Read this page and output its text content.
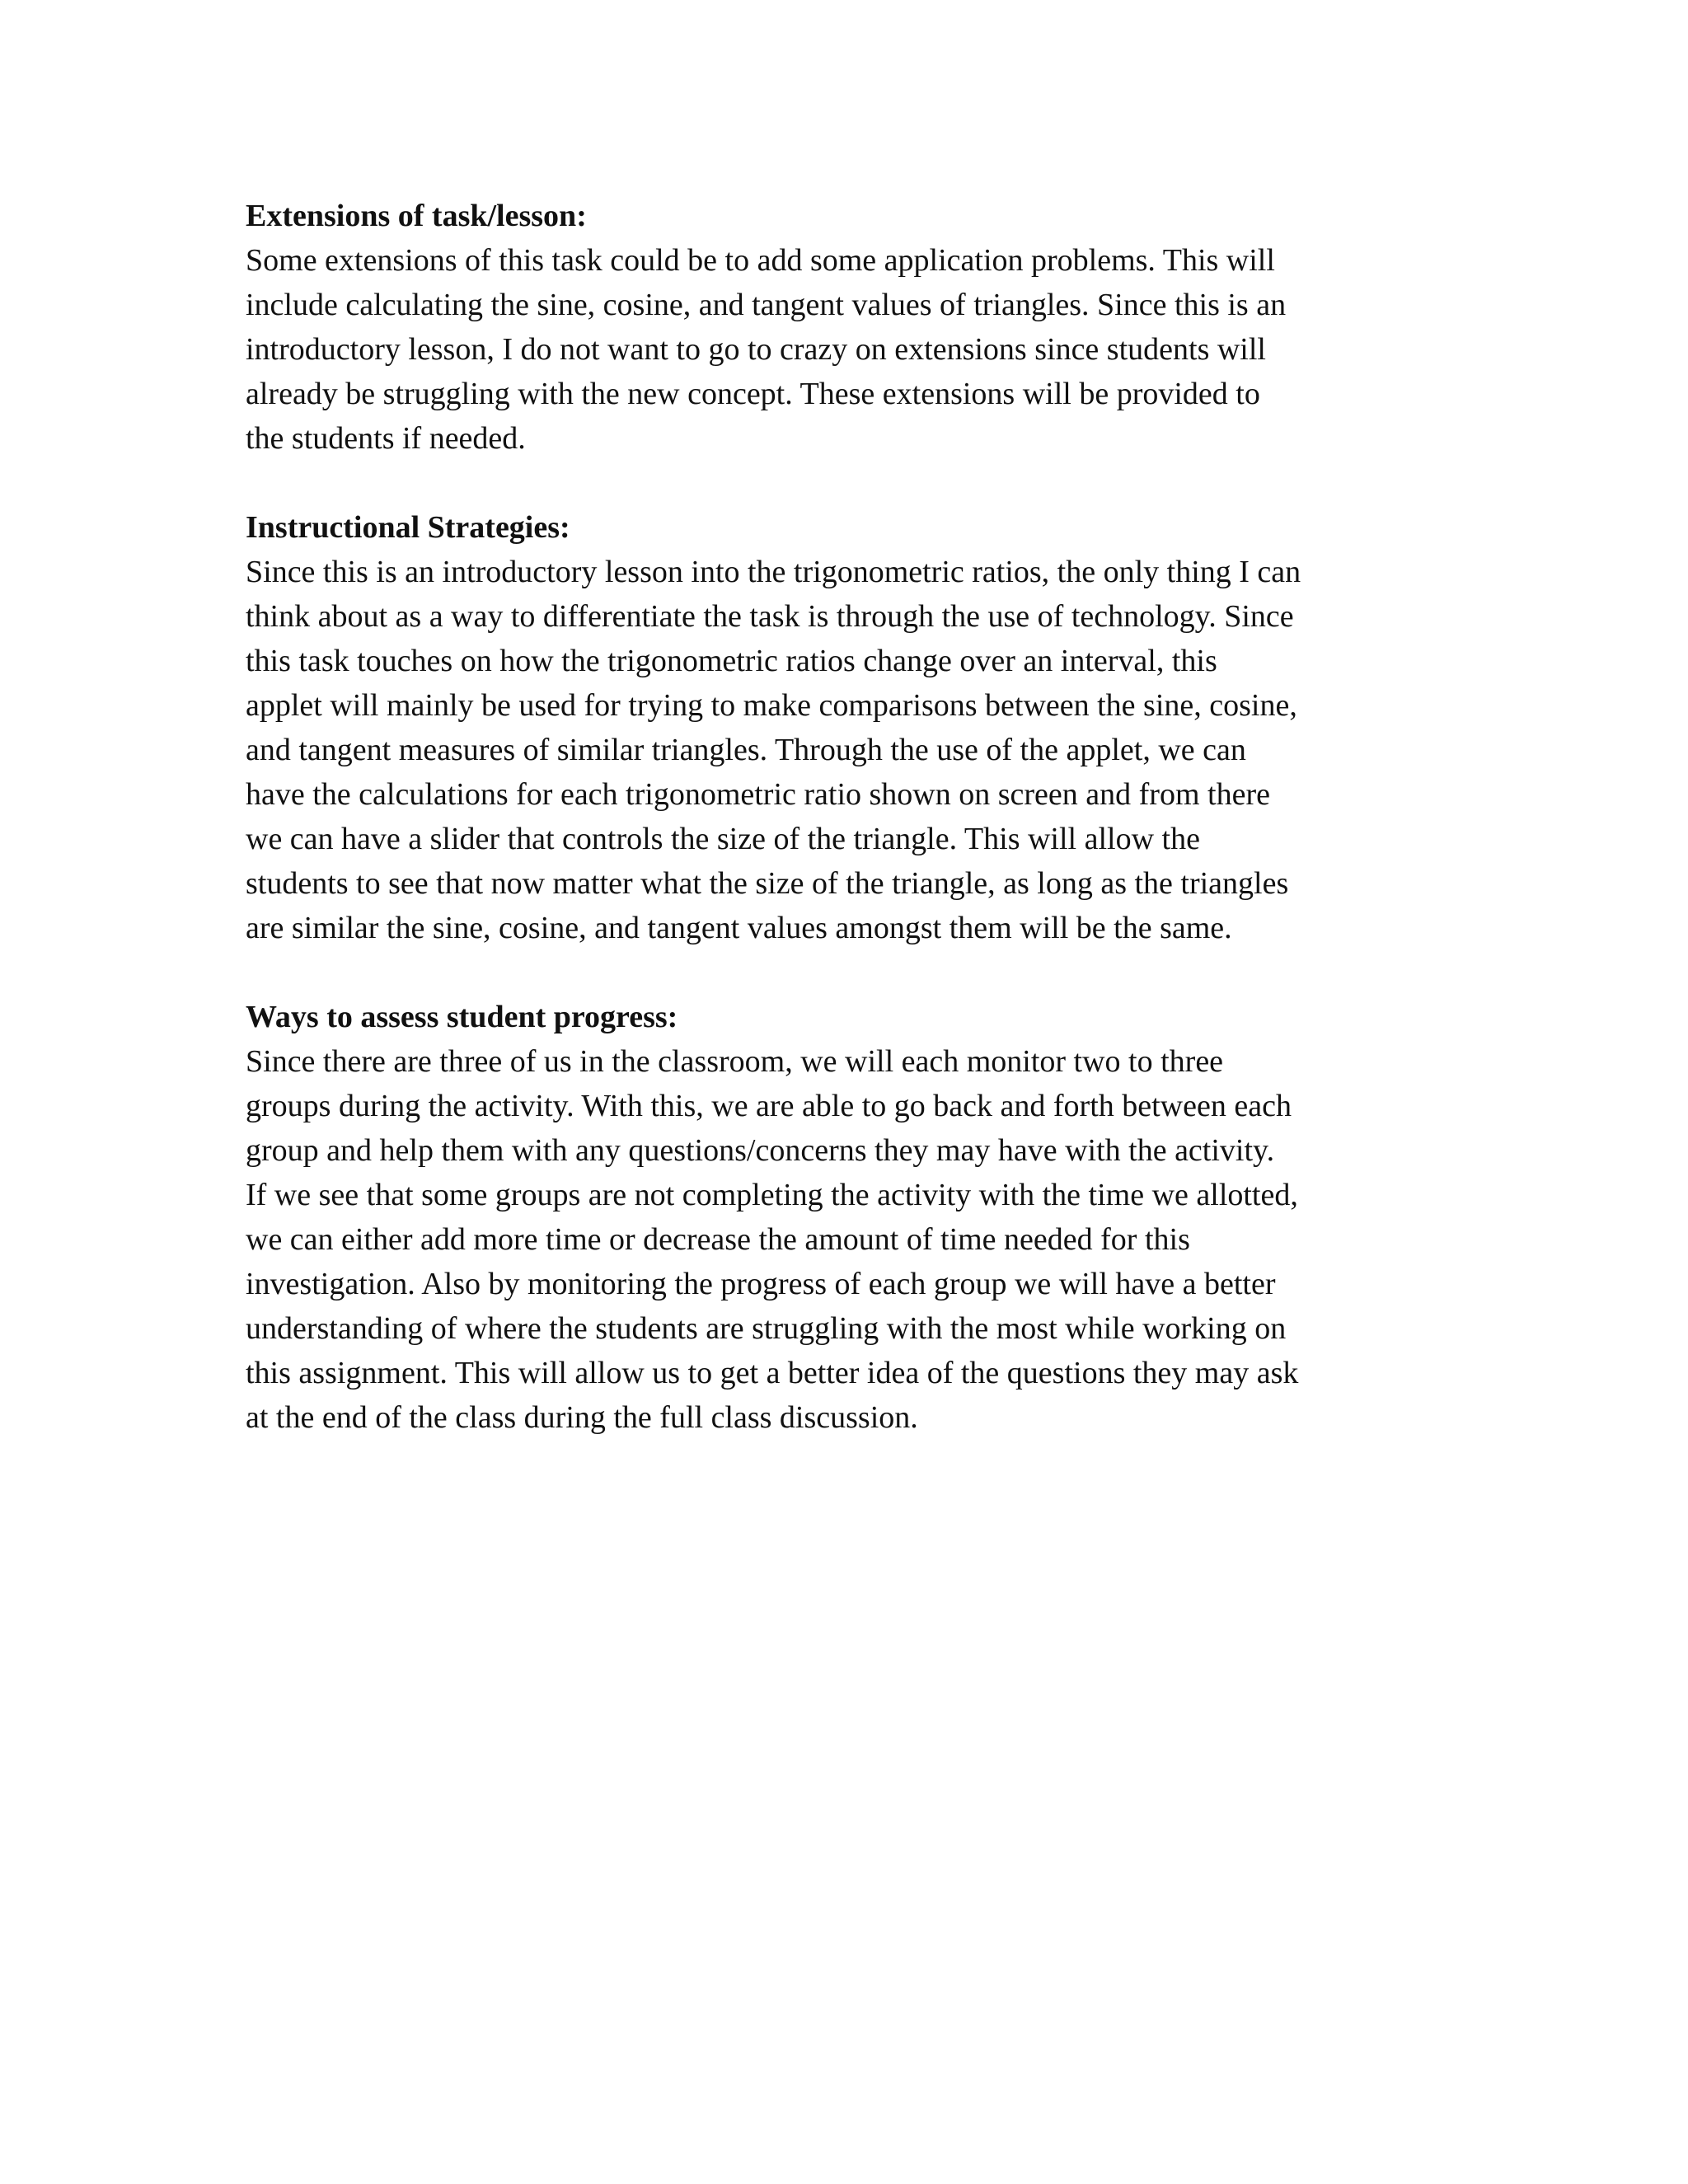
Extensions of task/lesson:
Some extensions of this task could be to add some application problems. This will
include calculating the sine, cosine, and tangent values of triangles. Since this is an
introductory lesson, I do not want to go to crazy on extensions since students will
already be struggling with the new concept. These extensions will be provided to
the students if needed.
Instructional Strategies:
Since this is an introductory lesson into the trigonometric ratios, the only thing I can
think about as a way to differentiate the task is through the use of technology. Since
this task touches on how the trigonometric ratios change over an interval, this
applet will mainly be used for trying to make comparisons between the sine, cosine,
and tangent measures of similar triangles. Through the use of the applet, we can
have the calculations for each trigonometric ratio shown on screen and from there
we can have a slider that controls the size of the triangle. This will allow the
students to see that now matter what the size of the triangle, as long as the triangles
are similar the sine, cosine, and tangent values amongst them will be the same.
Ways to assess student progress:
Since there are three of us in the classroom, we will each monitor two to three
groups during the activity. With this, we are able to go back and forth between each
group and help them with any questions/concerns they may have with the activity.
If we see that some groups are not completing the activity with the time we allotted,
we can either add more time or decrease the amount of time needed for this
investigation. Also by monitoring the progress of each group we will have a better
understanding of where the students are struggling with the most while working on
this assignment. This will allow us to get a better idea of the questions they may ask
at the end of the class during the full class discussion.
